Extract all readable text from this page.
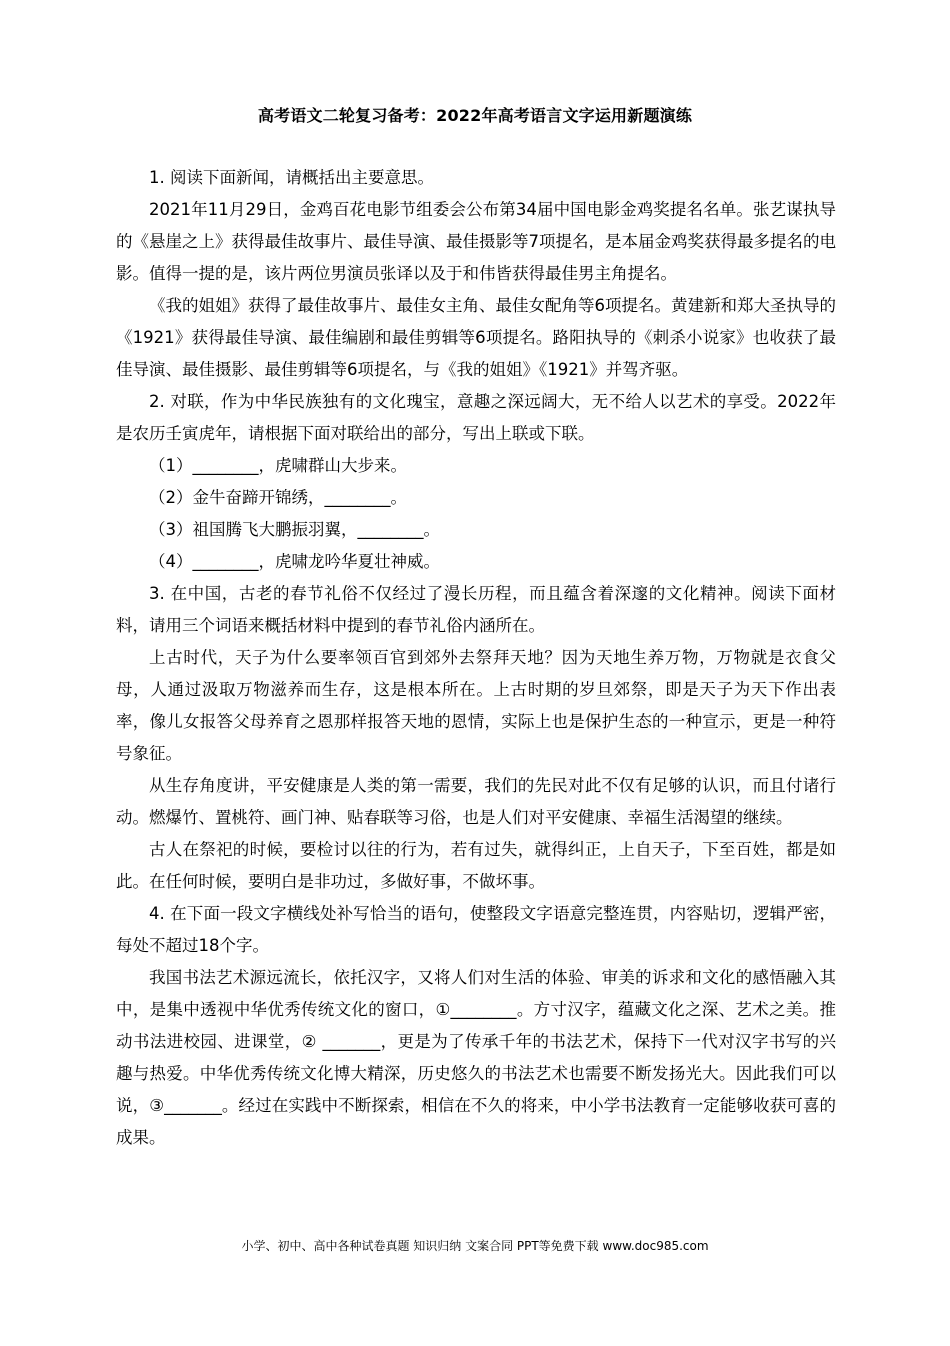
高考语文二轮复习备考：2022年高考语言文字运用新题演练

1. 阅读下面新闻，请概括出主要意思。

2021年11月29日，金鸡百花电影节组委会公布第34届中国电影金鸡奖提名名单。张艺谋执导的《悬崖之上》获得最佳故事片、最佳导演、最佳摄影等7项提名，是本届金鸡奖获得最多提名的电影。值得一提的是，该片两位男演员张译以及于和伟皆获得最佳男主角提名。

《我的姐姐》获得了最佳故事片、最佳女主角、最佳女配角等6项提名。黄建新和郑大圣执导的《1921》获得最佳导演、最佳编剧和最佳剪辑等6项提名。路阳执导的《刺杀小说家》也收获了最佳导演、最佳摄影、最佳剪辑等6项提名，与《我的姐姐》《1921》并驾齐驱。

2. 对联，作为中华民族独有的文化瑰宝，意趣之深远阔大，无不给人以艺术的享受。2022年是农历壬寅虎年，请根据下面对联给出的部分，写出上联或下联。

（1）________，虎啸群山大步来。

（2）金牛奋蹄开锦绣，________。

（3）祖国腾飞大鹏振羽翼，________。

（4）________，虎啸龙吟华夏壮神威。

3. 在中国，古老的春节礼俗不仅经过了漫长历程，而且蕴含着深邃的文化精神。阅读下面材料，请用三个词语来概括材料中提到的春节礼俗内涵所在。

上古时代，天子为什么要率领百官到郊外去祭拜天地？因为天地生养万物，万物就是衣食父母，人通过汲取万物滋养而生存，这是根本所在。上古时期的岁旦郊祭，即是天子为天下作出表率，像儿女报答父母养育之恩那样报答天地的恩情，实际上也是保护生态的一种宣示，更是一种符号象征。

从生存角度讲，平安健康是人类的第一需要，我们的先民对此不仅有足够的认识，而且付诸行动。燃爆竹、置桃符、画门神、贴春联等习俗，也是人们对平安健康、幸福生活渴望的继续。

古人在祭祀的时候，要检讨以往的行为，若有过失，就得纠正，上自天子，下至百姓，都是如此。在任何时候，要明白是非功过，多做好事，不做坏事。

4. 在下面一段文字横线处补写恰当的语句，使整段文字语意完整连贯，内容贴切，逻辑严密，每处不超过18个字。

我国书法艺术源远流长，依托汉字，又将人们对生活的体验、审美的诉求和文化的感悟融入其中，是集中透视中华优秀传统文化的窗口，①________。方寸汉字，蕴藏文化之深、艺术之美。推动书法进校园、进课堂，② _______，更是为了传承千年的书法艺术，保持下一代对汉字书写的兴趣与热爱。中华优秀传统文化博大精深，历史悠久的书法艺术也需要不断发扬光大。因此我们可以说，③_______。经过在实践中不断探索，相信在不久的将来，中小学书法教育一定能够收获可喜的成果。

小学、初中、高中各种试卷真题 知识归纳 文案合同 PPT等免费下载 www.doc985.com
